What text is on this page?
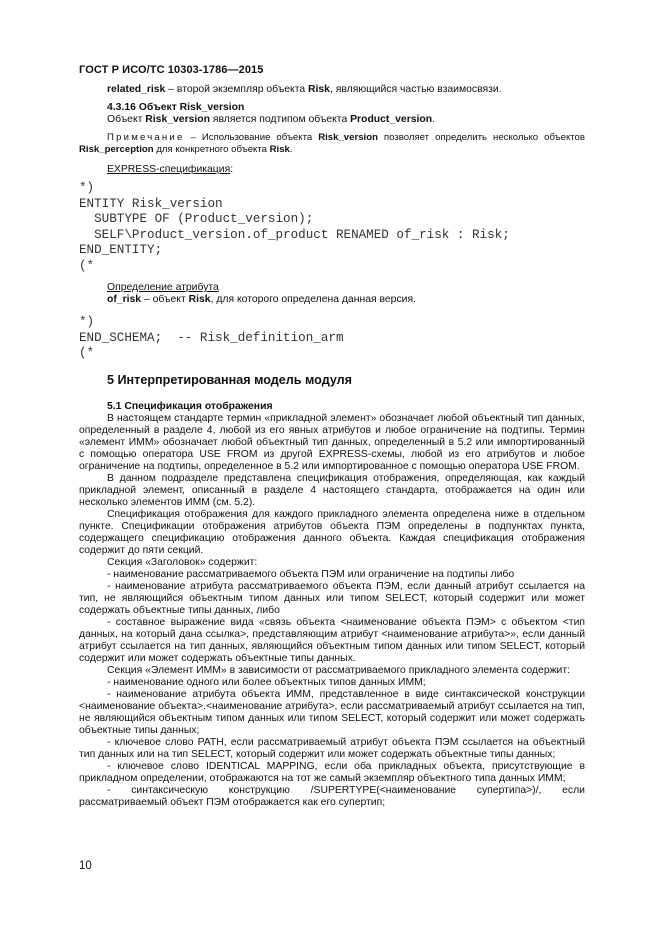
ГОСТ Р ИСО/ТС 10303-1786—2015

related_risk – второй экземпляр объекта Risk, являющийся частью взаимосвязи.

4.3.16 Объект Risk_version

Объект Risk_version является подтипом объекта Product_version.

Примечание – Использование объекта Risk_version позволяет определить несколько объектов Risk_perception для конкретного объекта Risk.

EXPRESS-спецификация:

*)
ENTITY Risk_version
SUBTYPE OF (Product_version);
SELF\Product_version.of_product RENAMED of_risk : Risk;
END_ENTITY;
(*

Определение атрибута

of_risk – объект Risk, для которого определена данная версия.

*)
END_SCHEMA;  -- Risk_definition_arm
(*
5 Интерпретированная модель модуля

5.1 Спецификация отображения

В настоящем стандарте термин «прикладной элемент» обозначает любой объектный тип данных, определенный в разделе 4, любой из его явных атрибутов и любое ограничение на подтипы. Термин «элемент ИММ» обозначает любой объектный тип данных, определенный в 5.2 или импортированный с помощью оператора USE FROM из другой EXPRESS-схемы, любой из его атрибутов и любое ограничение на подтипы, определенное в 5.2 или импортированное с помощью оператора USE FROM.

В данном подразделе представлена спецификация отображения, определяющая, как каждый прикладной элемент, описанный в разделе 4 настоящего стандарта, отображается на один или несколько элементов ИММ (см. 5.2).

Спецификация отображения для каждого прикладного элемента определена ниже в отдельном пункте. Спецификации отображения атрибутов объекта ПЭМ определены в подпунктах пункта, содержащего спецификацию отображения данного объекта. Каждая спецификация отображения содержит до пяти секций.

Секция «Заголовок» содержит:

- наименование рассматриваемого объекта ПЭМ или ограничение на подтипы либо

- наименование атрибута рассматриваемого объекта ПЭМ, если данный атрибут ссылается на тип, не являющийся объектным типом данных или типом SELECT, который содержит или может содержать объектные типы данных, либо

- составное выражение вида «связь объекта <наименование объекта ПЭМ> с объектом <тип данных, на который дана ссылка>, представляющим атрибут <наименование атрибута>», если данный атрибут ссылается на тип данных, являющийся объектным типом данных или типом SELECT, который содержит или может содержать объектные типы данных.

Секция «Элемент ИММ» в зависимости от рассматриваемого прикладного элемента содержит:

- наименование одного или более объектных типов данных ИММ;

- наименование атрибута объекта ИММ, представленное в виде синтаксической конструкции <наименование объекта>.<наименование атрибута>, если рассматриваемый атрибут ссылается на тип, не являющийся объектным типом данных или типом SELECT, который содержит или может содержать объектные типы данных;

- ключевое слово PATH, если рассматриваемый атрибут объекта ПЭМ ссылается на объектный тип данных или на тип SELECT, который содержит или может содержать объектные типы данных;

- ключевое слово IDENTICAL MAPPING, если оба прикладных объекта, присутствующие в прикладном определении, отображаются на тот же самый экземпляр объектного типа данных ИММ;

- синтаксическую конструкцию /SUPERTYPE(<наименование супертипа>)/, если рассматриваемый объект ПЭМ отображается как его супертип;

10
